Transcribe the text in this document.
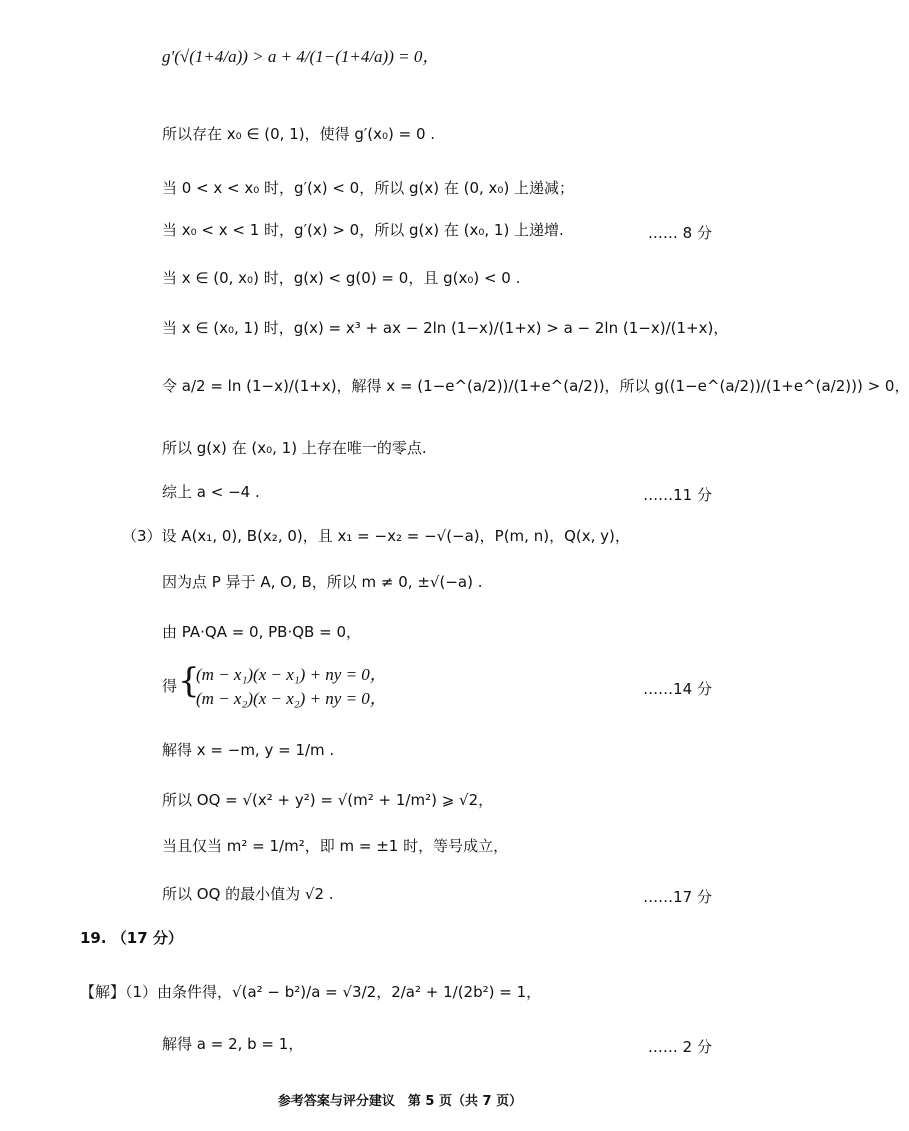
g′(√(1+4/a)) > a + 4/(1−(1+4/a)) = 0，
所以存在 x₀ ∈ (0, 1)，使得 g′(x₀) = 0 .
当 0 < x < x₀ 时，g′(x) < 0，所以 g(x) 在 (0, x₀) 上递减；
当 x₀ < x < 1 时，g′(x) > 0，所以 g(x) 在 (x₀, 1) 上递增.	…… 8 分
当 x ∈ (0, x₀) 时，g(x) < g(0) = 0，且 g(x₀) < 0 .
当 x ∈ (x₀, 1) 时，g(x) = x³ + ax − 2ln (1−x)/(1+x) > a − 2ln (1−x)/(1+x)，
令 a/2 = ln (1−x)/(1+x)，解得 x = (1−e^(a/2))/(1+e^(a/2))，所以 g((1−e^(a/2))/(1+e^(a/2))) > 0，
所以 g(x) 在 (x₀, 1) 上存在唯一的零点.
综上 a < −4 .	……11 分
（3）设 A(x₁, 0), B(x₂, 0)，且 x₁ = −x₂ = −√(−a)，P(m, n)，Q(x, y)，
因为点 P 异于 A, O, B，所以 m ≠ 0, ±√(−a) .
由 PA·QA = 0, PB·QB = 0，
得 {
(m − x₁)(x − x₁) + ny = 0，
(m − x₂)(x − x₂) + ny = 0，	……14 分
解得 x = −m, y = 1/m .
所以 OQ = √(x² + y²) = √(m² + 1/m²) ⩾ √2，
当且仅当 m² = 1/m²，即 m = ±1 时，等号成立，
所以 OQ 的最小值为 √2 .	……17 分
19. （17 分）
【解】（1）由条件得，√(a² − b²)/a = √3/2，2/a² + 1/(2b²) = 1，
解得 a = 2, b = 1，	…… 2 分
参考答案与评分建议　第 5 页（共 7 页）
